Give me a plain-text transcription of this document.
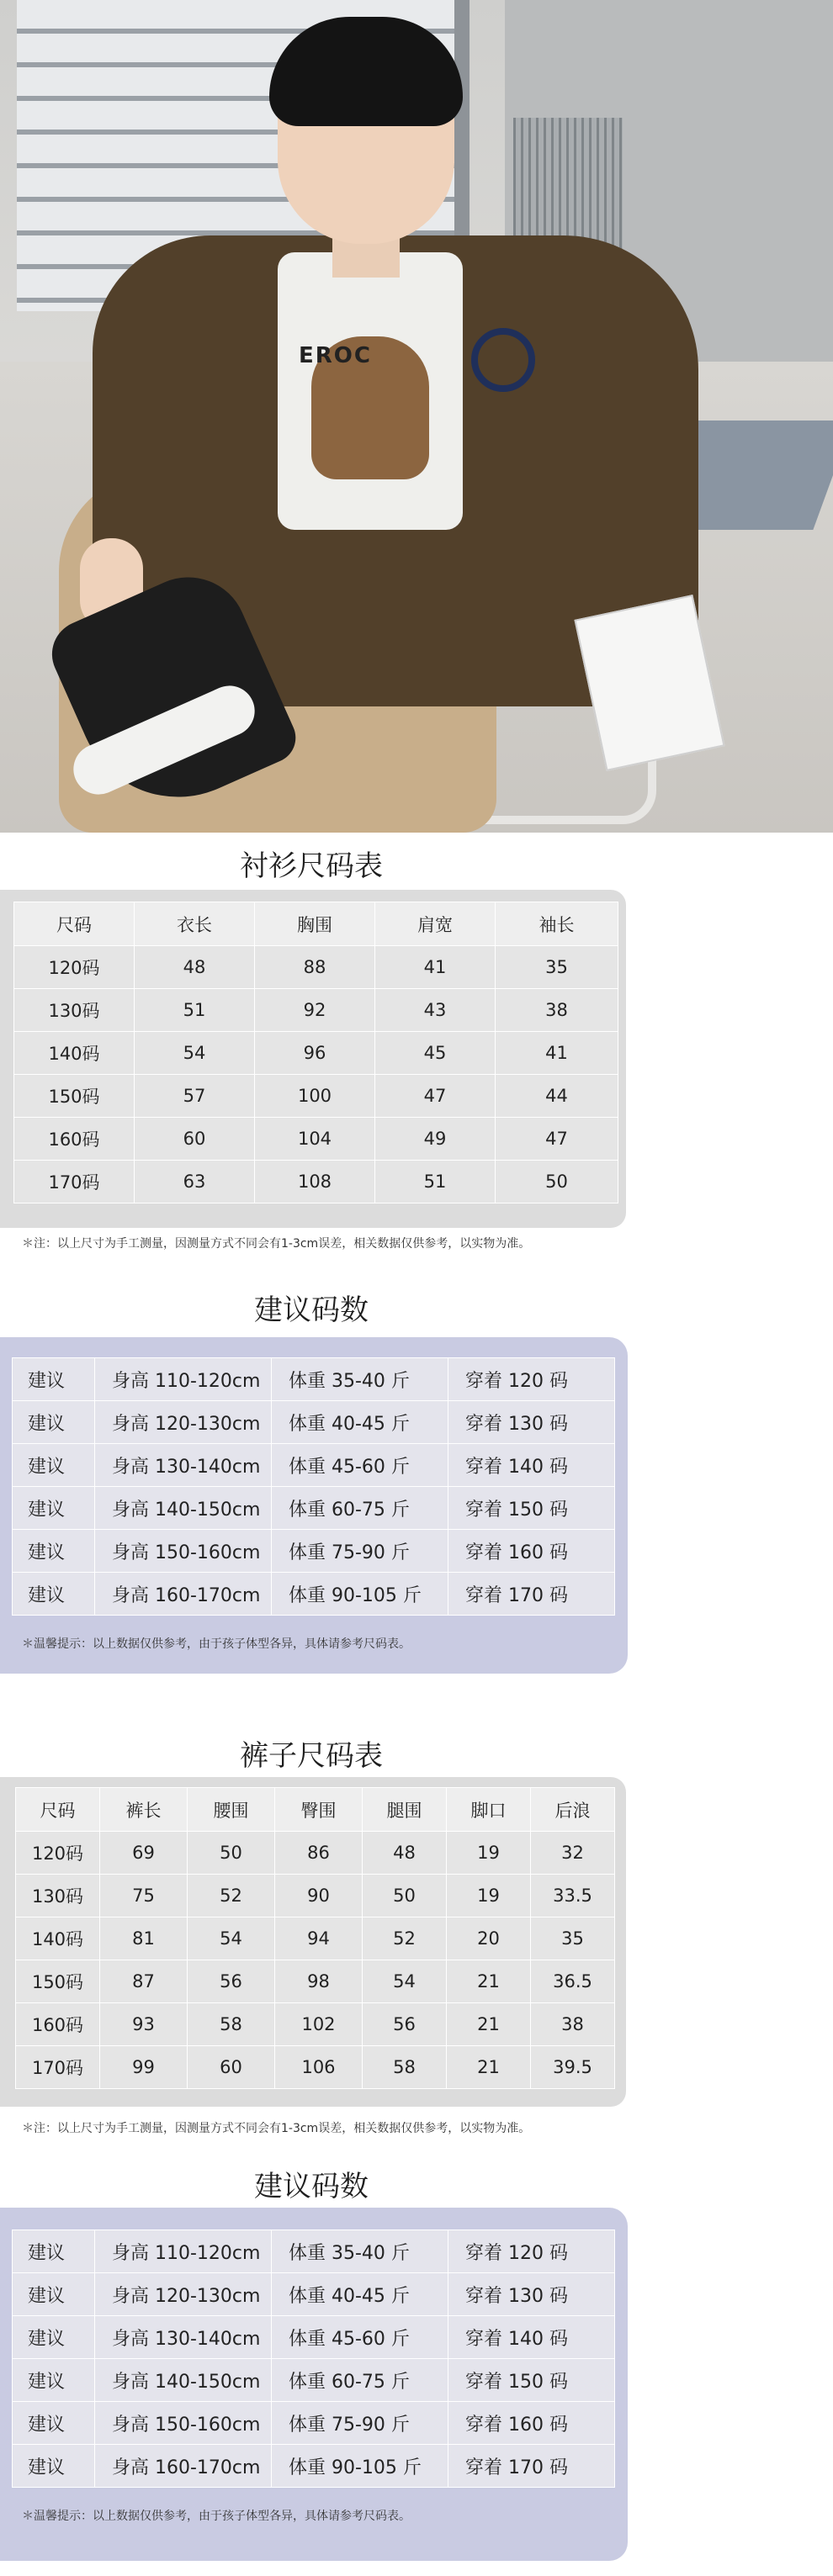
EROC
衬衫尺码表
尺码	衣长	胸围	肩宽	袖长
120码	48	88	41	35
130码	51	92	43	38
140码	54	96	45	41
150码	57	100	47	44
160码	60	104	49	47
170码	63	108	51	50
＊注：以上尺寸为手工测量，因测量方式不同会有1-3cm误差，相关数据仅供参考，以实物为准。
建议码数
建议	身高 110-120cm	体重 35-40 斤	穿着 120 码
建议	身高 120-130cm	体重 40-45 斤	穿着 130 码
建议	身高 130-140cm	体重 45-60 斤	穿着 140 码
建议	身高 140-150cm	体重 60-75 斤	穿着 150 码
建议	身高 150-160cm	体重 75-90 斤	穿着 160 码
建议	身高 160-170cm	体重 90-105 斤	穿着 170 码
＊温馨提示：以上数据仅供参考，由于孩子体型各异，具体请参考尺码表。
裤子尺码表
尺码	裤长	腰围	臀围	腿围	脚口	后浪
120码	69	50	86	48	19	32
130码	75	52	90	50	19	33.5
140码	81	54	94	52	20	35
150码	87	56	98	54	21	36.5
160码	93	58	102	56	21	38
170码	99	60	106	58	21	39.5
＊注：以上尺寸为手工测量，因测量方式不同会有1-3cm误差，相关数据仅供参考，以实物为准。
建议码数
建议	身高 110-120cm	体重 35-40 斤	穿着 120 码
建议	身高 120-130cm	体重 40-45 斤	穿着 130 码
建议	身高 130-140cm	体重 45-60 斤	穿着 140 码
建议	身高 140-150cm	体重 60-75 斤	穿着 150 码
建议	身高 150-160cm	体重 75-90 斤	穿着 160 码
建议	身高 160-170cm	体重 90-105 斤	穿着 170 码
＊温馨提示：以上数据仅供参考，由于孩子体型各异，具体请参考尺码表。
